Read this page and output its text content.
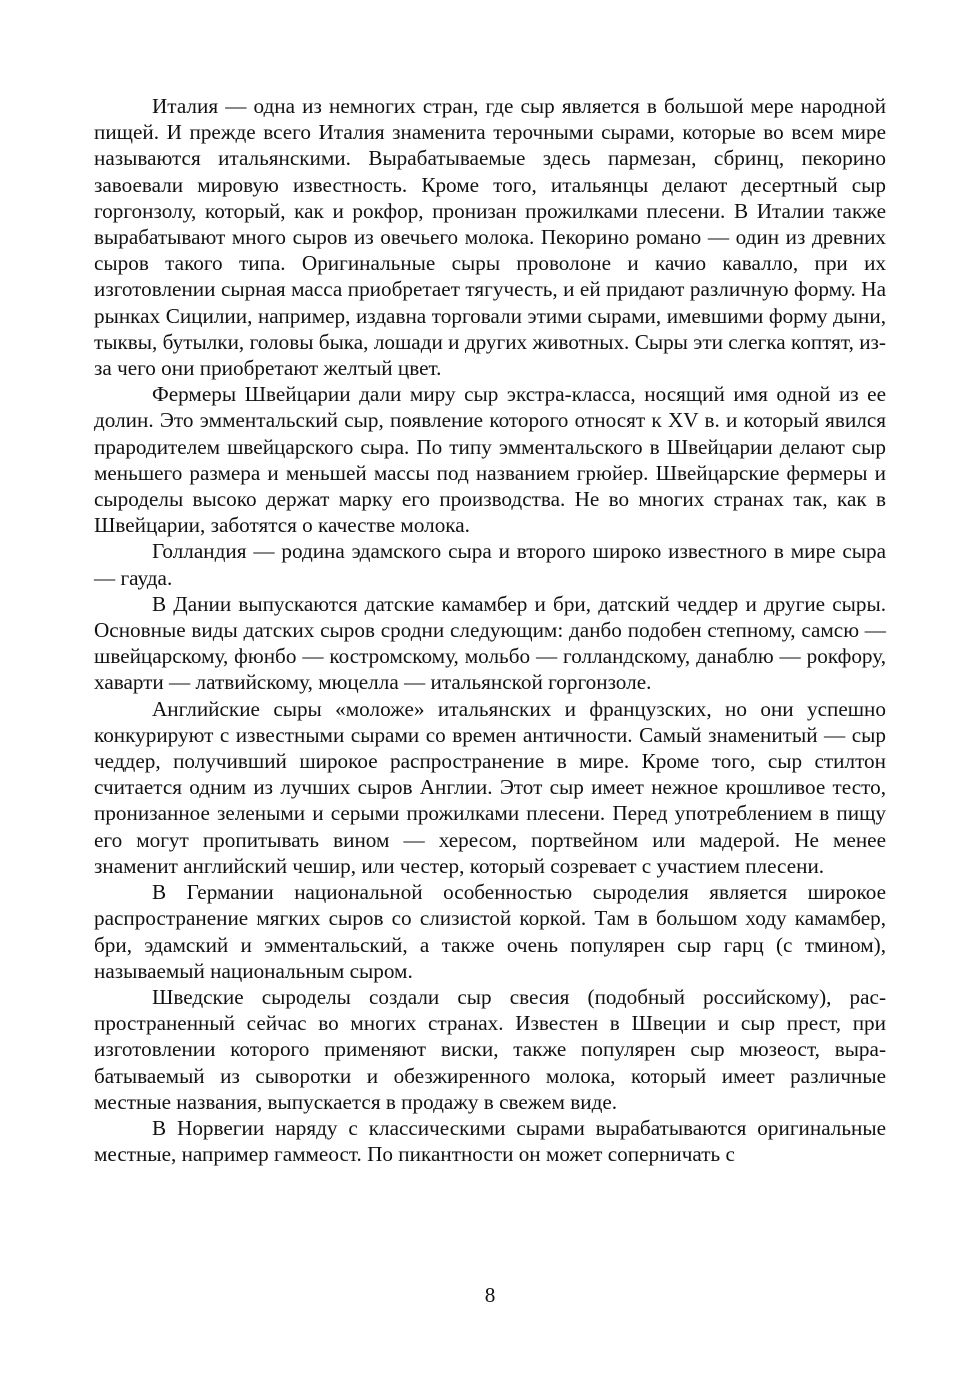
Италия — одна из немногих стран, где сыр является в большой мере народной пищей. И прежде всего Италия знаменита терочными сырами, которые во всем мире называются итальянскими. Вырабатываемые здесь пармезан, сбринц, пекорино завоевали мировую известность. Кроме того, итальянцы делают десертный сыр горгонзолу, который, как и рокфор, пронизан прожилками плесени. В Италии также вырабатывают много сыров из овечьего молока. Пекорино романо — один из древних сыров такого типа. Оригинальные сыры проволоне и качио кавалло, при их изготовлении сырная масса приобретает тягучесть, и ей придают различную форму. На рынках Сицилии, например, издавна торговали этими сырами, имевшими форму дыни, тыквы, бутылки, головы быка, лошади и других животных. Сыры эти слегка коптят, из-за чего они приобретают желтый цвет.

Фермеры Швейцарии дали миру сыр экстра-класса, носящий имя одной из ее долин. Это эмментальский сыр, появление которого относят к XV в. и который явился прародителем швейцарского сыра. По типу эмментальского в Швейцарии делают сыр меньшего размера и меньшей массы под названием грюйер. Швейцарские фермеры и сыроделы высоко держат марку его производства. Не во многих странах так, как в Швейцарии, заботятся о качестве молока.

Голландия — родина эдамского сыра и второго широко известного в мире сыра — гауда.

В Дании выпускаются датские камамбер и бри, датский чеддер и другие сыры. Основные виды датских сыров сродни следующим: данбо подобен степному, самсю — швейцарскому, фюнбо — костромскому, мольбо — голландскому, данаблю — рокфору, хаварти — латвийскому, мюцелла — итальянской горгонзоле.

Английские сыры «моложе» итальянских и французских, но они успешно конкурируют с известными сырами со времен античности. Самый знаменитый — сыр чеддер, получивший широкое распространение в мире. Кроме того, сыр стилтон считается одним из лучших сыров Англии. Этот сыр имеет нежное крошливое тесто, пронизанное зелеными и серыми прожилками плесени. Перед употреблением в пищу его могут пропитывать вином — хересом, портвейном или мадерой. Не менее знаменит английский чешир, или честер, который созревает с участием плесени.

В Германии национальной особенностью сыроделия является широкое распространение мягких сыров со слизистой коркой. Там в большом ходу камамбер, бри, эдамский и эмментальский, а также очень популярен сыр гарц (с тмином), называемый национальным сыром.

Шведские сыроделы создали сыр свесия (подобный российскому), распространенный сейчас во многих странах. Известен в Швеции и сыр прест, при изготовлении которого применяют виски, также популярен сыр мюзеост, вырабатываемый из сыворотки и обезжиренного молока, который имеет различные местные названия, выпускается в продажу в свежем виде.

В Норвегии наряду с классическими сырами вырабатываются оригинальные местные, например гаммеост. По пикантности он может соперничать с

8
